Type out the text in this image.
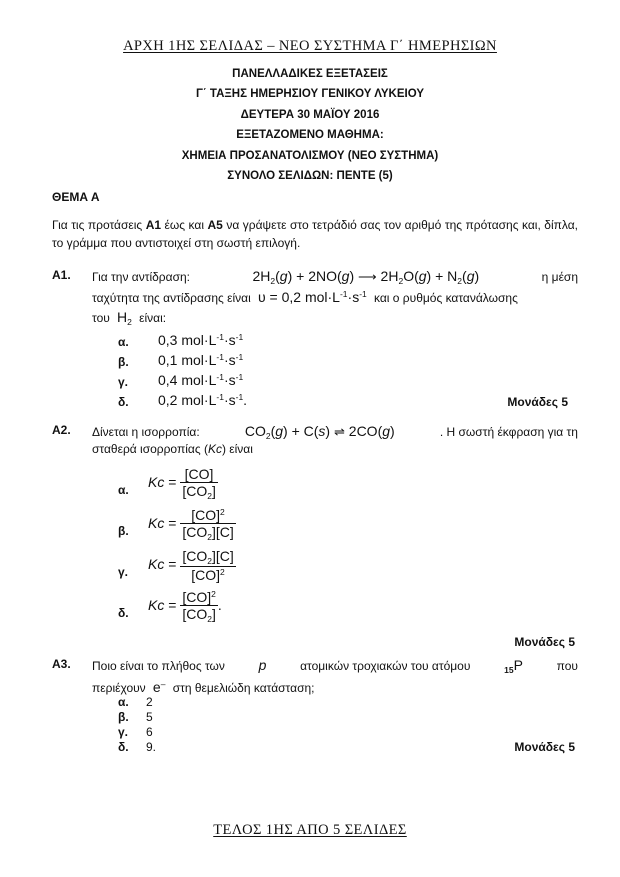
ΑΡΧΗ 1ΗΣ ΣΕΛΙΔΑΣ – ΝΕΟ ΣΥΣΤΗΜΑ Γ΄ ΗΜΕΡΗΣΙΩΝ
ΠΑΝΕΛΛΑΔΙΚΕΣ ΕΞΕΤΑΣΕΙΣ
Γ΄ ΤΑΞΗΣ ΗΜΕΡΗΣΙΟΥ ΓΕΝΙΚΟΥ ΛΥΚΕΙΟΥ
ΔΕΥΤΕΡΑ 30 ΜΑΪΟΥ 2016
ΕΞΕΤΑΖΟΜΕΝΟ ΜΑΘΗΜΑ:
ΧΗΜΕΙΑ ΠΡΟΣΑΝΑΤΟΛΙΣΜΟΥ (ΝΕΟ ΣΥΣΤΗΜΑ)
ΣΥΝΟΛΟ ΣΕΛΙΔΩΝ: ΠΕΝΤΕ (5)
ΘΕΜΑ Α
Για τις προτάσεις Α1 έως και Α5 να γράψετε στο τετράδιό σας τον αριθμό της πρότασης και, δίπλα, το γράμμα που αντιστοιχεί στη σωστή επιλογή.
Α1. Για την αντίδραση:	$2H_2(g) + 2NO(g)$ ⟶ $2H_2O(g) + N_2(g)$	η μέση
ταχύτητα της αντίδρασης είναι  υ = 0,2 $mol\cdot L^{-1}\cdot s^{-1}$ και ο ρυθμός κατανάλωσης
του  $H_2$ είναι:
α. 0,3 $mol\cdot L^{-1}\cdot s^{-1}$
β. 0,1 $mol\cdot L^{-1}\cdot s^{-1}$
γ. 0,4 $mol\cdot L^{-1}\cdot s^{-1}$
δ. 0,2 $mol\cdot L^{-1}\cdot s^{-1}$.	Μονάδες 5
Α2. Δίνεται η ισορροπία:	$CO_2(g) + C(s)$ ⇌ 2CO(g)	. Η σωστή έκφραση για τη
σταθερά ισορροπίας (Kc) είναι
α. $Kc = \frac{[CO]}{[CO_2]}$
β. $Kc = \frac{[CO]^2}{[CO_2][C]}$
γ. $Kc = \frac{[CO_2][C]}{[CO]^2}$
δ. $Kc = \frac{[CO]^2}{[CO_2]}$ .
Μονάδες 5
Α3. Ποιο είναι το πλήθος των p	ατομικών τροχιακών του ατόμου	$_{15}$P	που
περιέχουν e– στη θεμελιώδη κατάσταση;
α. 2
β. 5
γ. 6
δ. 9.	Μονάδες 5
ΤΕΛΟΣ 1ΗΣ ΑΠΟ 5 ΣΕΛΙΔΕΣ
